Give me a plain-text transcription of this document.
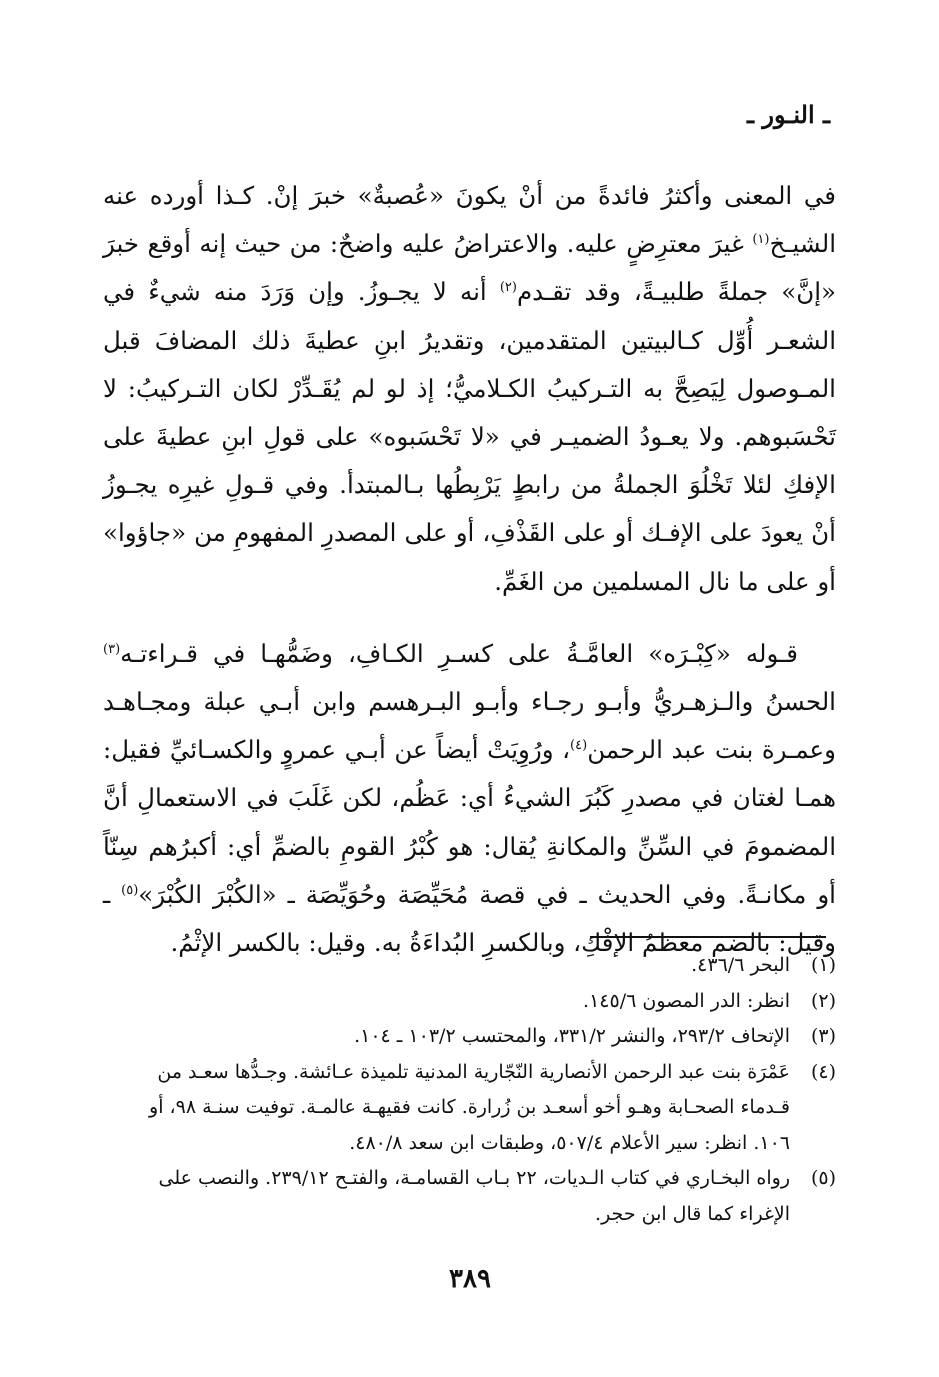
ـ النـور ـ

في المعنى وأكثرُ فائدةً من أنْ يكونَ «عُصبةٌ» خبرَ إنْ. كـذا أورده عنه الشيـخ$^{(١)}$ غيرَ معترِضٍ عليه. والاعتراضُ عليه واضحٌ: من حيث إنه أوقع خبرَ «إنَّ» جملةً طلبيـةً، وقد تقـدم$^{(٢)}$ أنه لا يجـوزُ. وإن وَرَدَ منه شيءٌ في الشعـر أُوِّل كـالبيتين المتقدمين، وتقديرُ ابنِ عطيةَ ذلك المضافَ قبل المـوصول لِيَصِحَّ به التـركيبُ الكـلاميُّ؛ إذ لو لم يُقَـدِّرْ لكان التـركيبُ: لا تَحْسَبوهم. ولا يعـودُ الضميـر في «لا تَحْسَبوه» على قولِ ابنِ عطيةَ على الإفكِ لئلا تَخْلُوَ الجملةُ من رابطٍ يَرْبِطُها بـالمبتدأ. وفي قـولِ غيرِه يجـوزُ أنْ يعودَ على الإفـك أو على القَذْفِ، أو على المصدرِ المفهومِ من «جاؤوا» أو على ما نال المسلمين من الغَمِّ.

قـوله «كِبْـرَه» العامَّـةُ على كسـرِ الكـافِ، وضَمُّهـا في قـراءتـه$^{(٣)}$ الحسنُ والـزهـريُّ وأبـو رجـاء وأبـو البـرهسم وابن أبـي عبلة ومجـاهـد وعمـرة بنت عبد الرحمن$^{(٤)}$، ورُوِيَتْ أيضاً عن أبـي عمروٍ والكسـائيِّ فقيل: همـا لغتان في مصدرِ كَبُرَ الشيءُ أي: عَظُم، لكن غَلَبَ في الاستعمالِ أنَّ المضمومَ في السِّنِّ والمكانةِ يُقال: هو كُبْرُ القومِ بالضمِّ أي: أكبرُهم سِنّاً أو مكانـةً. وفي الحديث ـ في قصة مُحَيِّصَة وحُوَيِّصَة ـ «الكُبْرَ الكُبْرَ»$^{(٥)}$ ـ وقيل: بالضم معظمُ الإفْكِ، وبالكسرِ البُداءَةُ به. وقيل: بالكسر الإثْمُ.

(١)
البحر ٤٣٦/٦.
(٢)
انظر: الدر المصون ١٤٥/٦.
(٣)
الإتحاف ٢٩٣/٢، والنشر ٣٣١/٢، والمحتسب ١٠٣/٢ ـ ١٠٤.
(٤)
عَمْرَة بنت عبد الرحمن الأنصارية النّجّارية المدنية تلميذة عـائشة. وجـدُّها سعـد من قـدماء الصحـابة وهـو أخو أسعـد بن زُرارة. كانت فقيهـة عالمـة. توفيت سنـة ٩٨، أو ١٠٦. انظر: سير الأعلام ٥٠٧/٤، وطبقات ابن سعد ٤٨٠/٨.
(٥)
رواه البخـاري في كتاب الـديات، ٢٢ بـاب القسامـة، والفتـح ٢٣٩/١٢. والنصب على الإغراء كما قال ابن حجر.
٣٨٩
